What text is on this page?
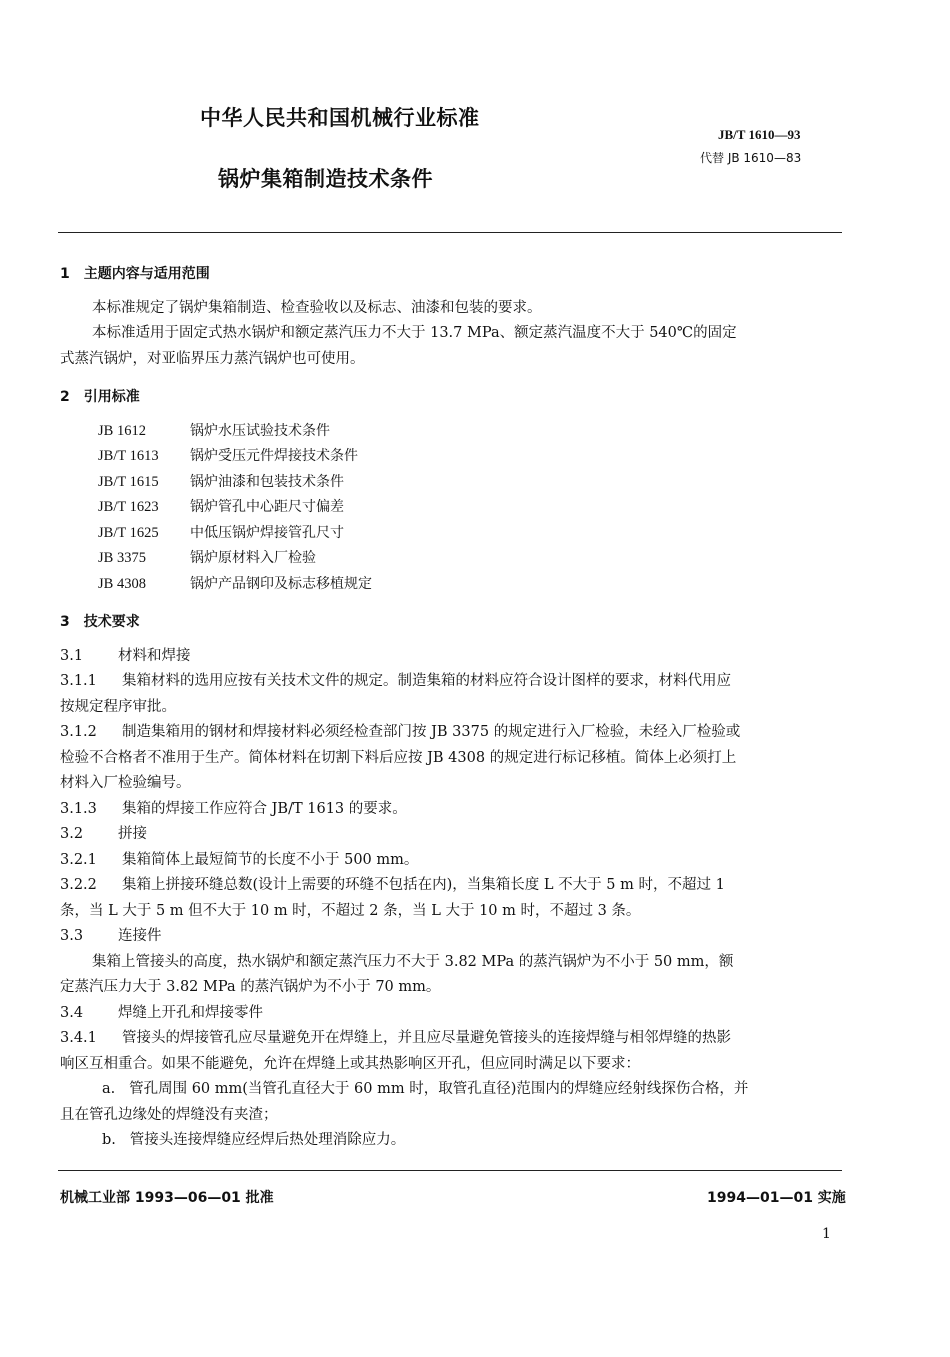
中华人民共和国机械行业标准
锅炉集箱制造技术条件
JB/T 1610—93
代替 JB 1610—83
1　主题内容与适用范围
本标准规定了锅炉集箱制造、检查验收以及标志、油漆和包装的要求。
本标准适用于固定式热水锅炉和额定蒸汽压力不大于 13.7 MPa、额定蒸汽温度不大于 540℃的固定
式蒸汽锅炉，对亚临界压力蒸汽锅炉也可使用。
2　引用标准
JB 1612	锅炉水压试验技术条件
JB/T 1613	锅炉受压元件焊接技术条件
JB/T 1615	锅炉油漆和包装技术条件
JB/T 1623	锅炉管孔中心距尺寸偏差
JB/T 1625	中低压锅炉焊接管孔尺寸
JB 3375	锅炉原材料入厂检验
JB 4308	锅炉产品钢印及标志移植规定
3　技术要求
3.1 材料和焊接
3.1.1 集箱材料的选用应按有关技术文件的规定。制造集箱的材料应符合设计图样的要求，材料代用应
按规定程序审批。
3.1.2 制造集箱用的钢材和焊接材料必须经检查部门按 JB 3375 的规定进行入厂检验，未经入厂检验或
检验不合格者不准用于生产。简体材料在切割下料后应按 JB 4308 的规定进行标记移植。简体上必须打上
材料入厂检验编号。
3.1.3 集箱的焊接工作应符合 JB/T 1613 的要求。
3.2 拼接
3.2.1 集箱简体上最短简节的长度不小于 500 mm。
3.2.2 集箱上拼接环缝总数(设计上需要的环缝不包括在内)，当集箱长度 L 不大于 5 m 时，不超过 1
条，当 L 大于 5 m 但不大于 10 m 时，不超过 2 条，当 L 大于 10 m 时，不超过 3 条。
3.3 连接件
集箱上管接头的高度，热水锅炉和额定蒸汽压力不大于 3.82 MPa 的蒸汽锅炉为不小于 50 mm，额
定蒸汽压力大于 3.82 MPa 的蒸汽锅炉为不小于 70 mm。
3.4 焊缝上开孔和焊接零件
3.4.1 管接头的焊接管孔应尽量避免开在焊缝上，并且应尽量避免管接头的连接焊缝与相邻焊缝的热影
响区互相重合。如果不能避免，允许在焊缝上或其热影响区开孔，但应同时满足以下要求：
a. 管孔周围 60 mm(当管孔直径大于 60 mm 时，取管孔直径)范围内的焊缝应经射线探伤合格，并
且在管孔边缘处的焊缝没有夹渣；
b. 管接头连接焊缝应经焊后热处理消除应力。
机械工业部 1993—06—01 批准	1994—01—01 实施
1
